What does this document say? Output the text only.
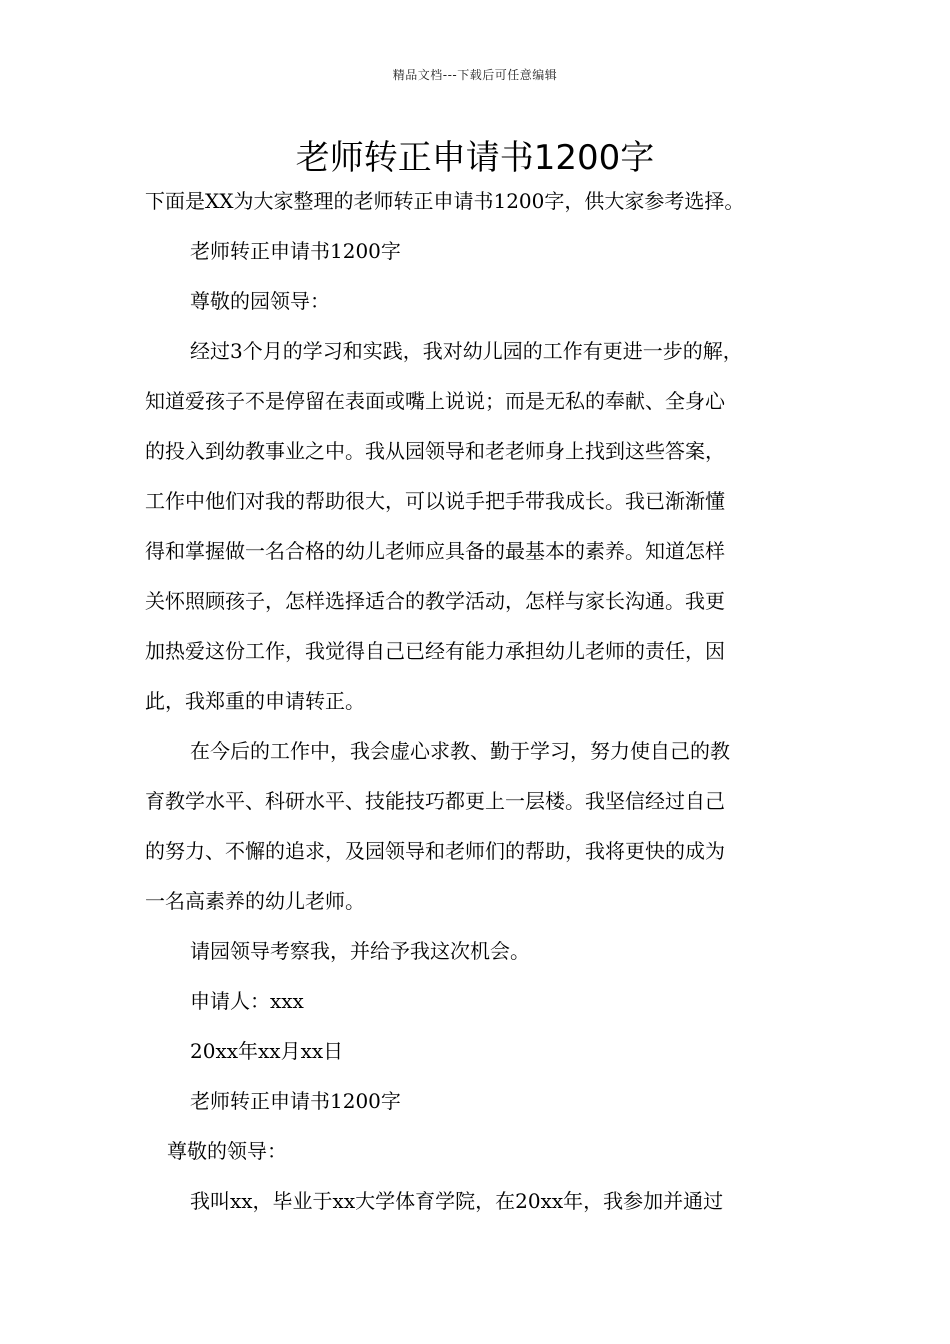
精品文档---下载后可任意编辑
老师转正申请书1200字
下面是XX为大家整理的老师转正申请书1200字，供大家参考选择。
老师转正申请书1200字
尊敬的园领导：
经过3个月的学习和实践，我对幼儿园的工作有更进一步的解，
知道爱孩子不是停留在表面或嘴上说说；而是无私的奉献、全身心
的投入到幼教事业之中。我从园领导和老老师身上找到这些答案，
工作中他们对我的帮助很大，可以说手把手带我成长。我已渐渐懂
得和掌握做一名合格的幼儿老师应具备的最基本的素养。知道怎样
关怀照顾孩子，怎样选择适合的教学活动，怎样与家长沟通。我更
加热爱这份工作，我觉得自己已经有能力承担幼儿老师的责任，因
此，我郑重的申请转正。
在今后的工作中，我会虚心求教、勤于学习，努力使自己的教
育教学水平、科研水平、技能技巧都更上一层楼。我坚信经过自己
的努力、不懈的追求，及园领导和老师们的帮助，我将更快的成为
一名高素养的幼儿老师。
请园领导考察我，并给予我这次机会。
申请人：xxx
20xx年xx月xx日
老师转正申请书1200字
尊敬的领导：
我叫xx，毕业于xx大学体育学院，在20xx年，我参加并通过
